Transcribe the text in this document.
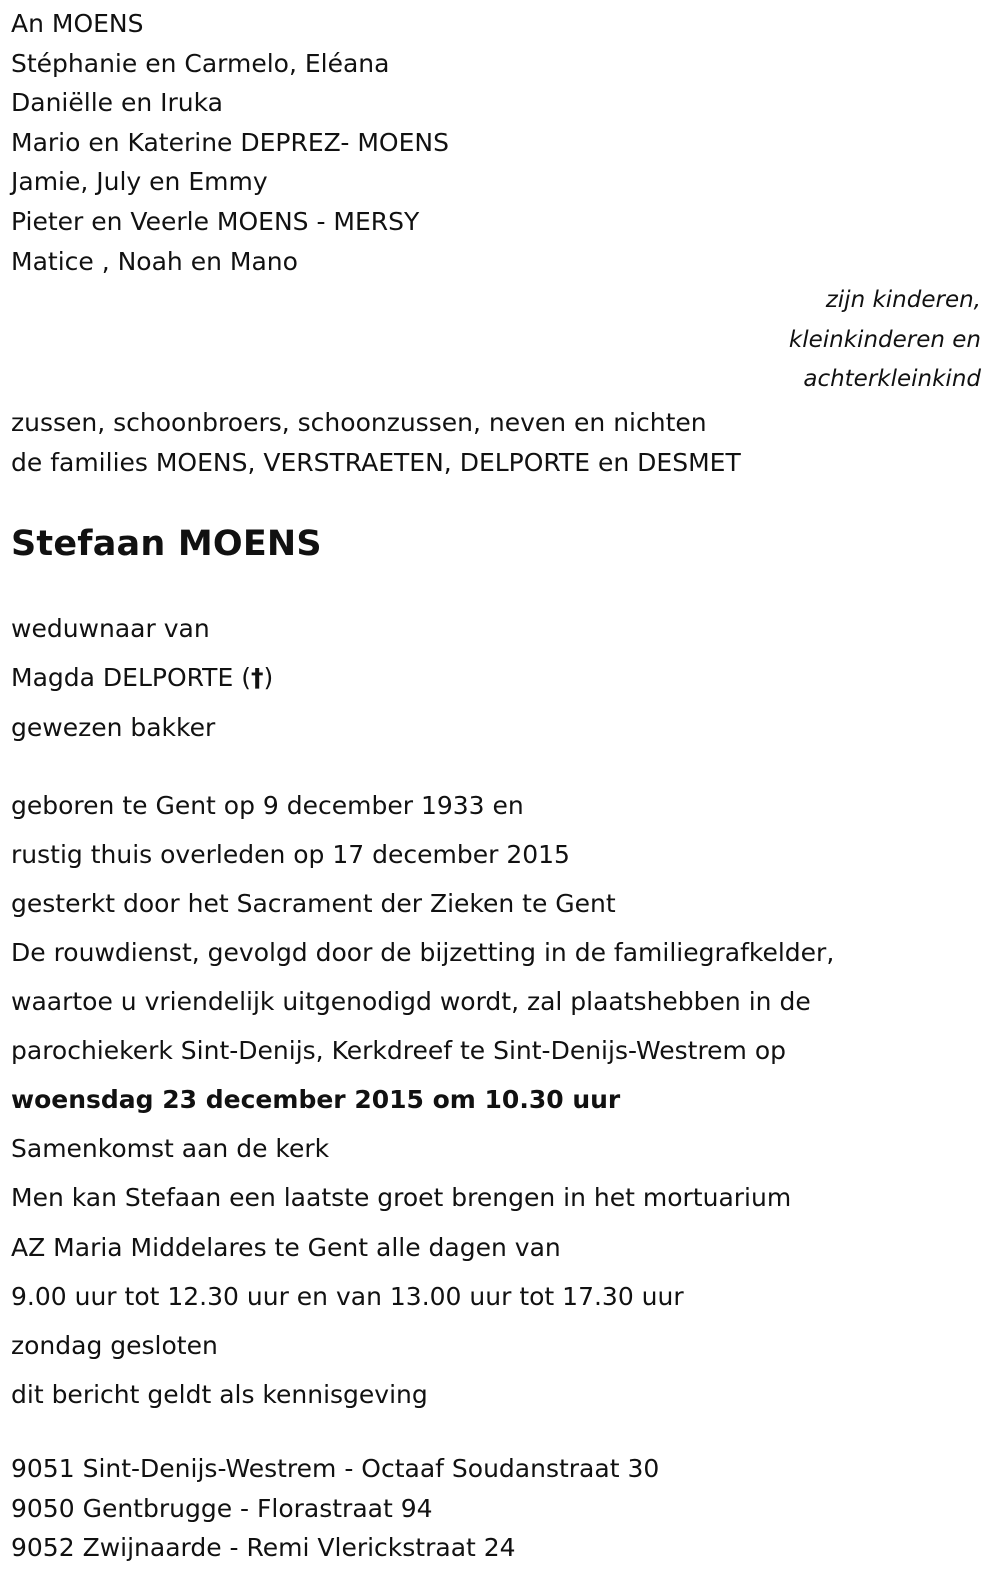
An MOENS
Stéphanie en Carmelo, Eléana
Daniëlle en Iruka
Mario en Katerine DEPREZ- MOENS
Jamie, July en Emmy
Pieter en Veerle MOENS - MERSY
Matice , Noah en Mano
zijn kinderen,
kleinkinderen en
achterkleinkind
zussen, schoonbroers, schoonzussen, neven en nichten
de families MOENS, VERSTRAETEN, DELPORTE en DESMET
Stefaan MOENS
weduwnaar van
Magda DELPORTE (†)
gewezen bakker
geboren te Gent op 9 december 1933 en
rustig thuis overleden op 17 december 2015
gesterkt door het Sacrament der Zieken te Gent
De rouwdienst, gevolgd door de bijzetting in de familiegrafkelder,
waartoe u vriendelijk uitgenodigd wordt, zal plaatshebben in de
parochiekerk Sint-Denijs, Kerkdreef te Sint-Denijs-Westrem op
woensdag 23 december 2015 om 10.30 uur
Samenkomst aan de kerk
Men kan Stefaan een laatste groet brengen in het mortuarium
AZ Maria Middelares te Gent alle dagen van
9.00 uur tot 12.30 uur en van 13.00 uur tot 17.30 uur
zondag gesloten
dit bericht geldt als kennisgeving
9051 Sint-Denijs-Westrem - Octaaf Soudanstraat 30
9050 Gentbrugge - Florastraat 94
9052 Zwijnaarde - Remi Vlerickstraat 24
